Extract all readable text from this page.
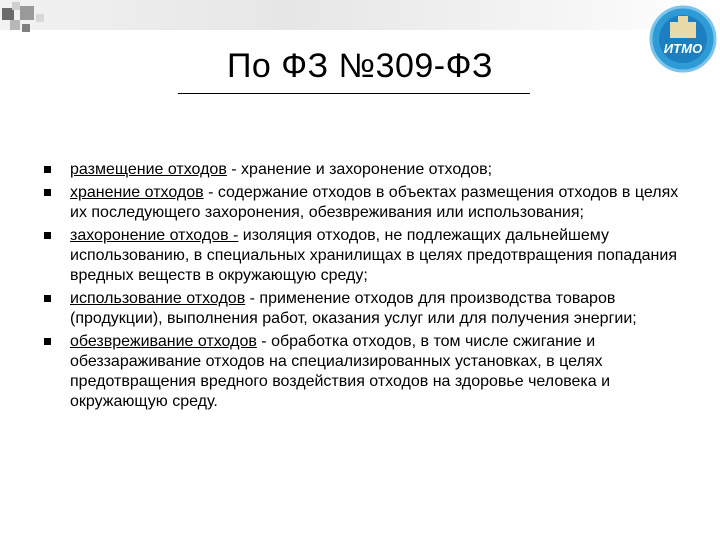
ИТМО
По ФЗ №309-ФЗ
размещение отходов - хранение и захоронение отходов;
хранение отходов - содержание отходов в объектах размещения отходов в целях их последующего захоронения, обезвреживания или использования;
захоронение отходов - изоляция отходов, не подлежащих дальнейшему использованию, в специальных хранилищах в целях предотвращения попадания вредных веществ в окружающую среду;
использование отходов - применение отходов для производства товаров (продукции), выполнения работ, оказания услуг или для получения энергии;
обезвреживание отходов - обработка отходов, в том числе сжигание и обеззараживание отходов на специализированных установках, в целях предотвращения вредного воздействия отходов на здоровье человека и окружающую среду.
